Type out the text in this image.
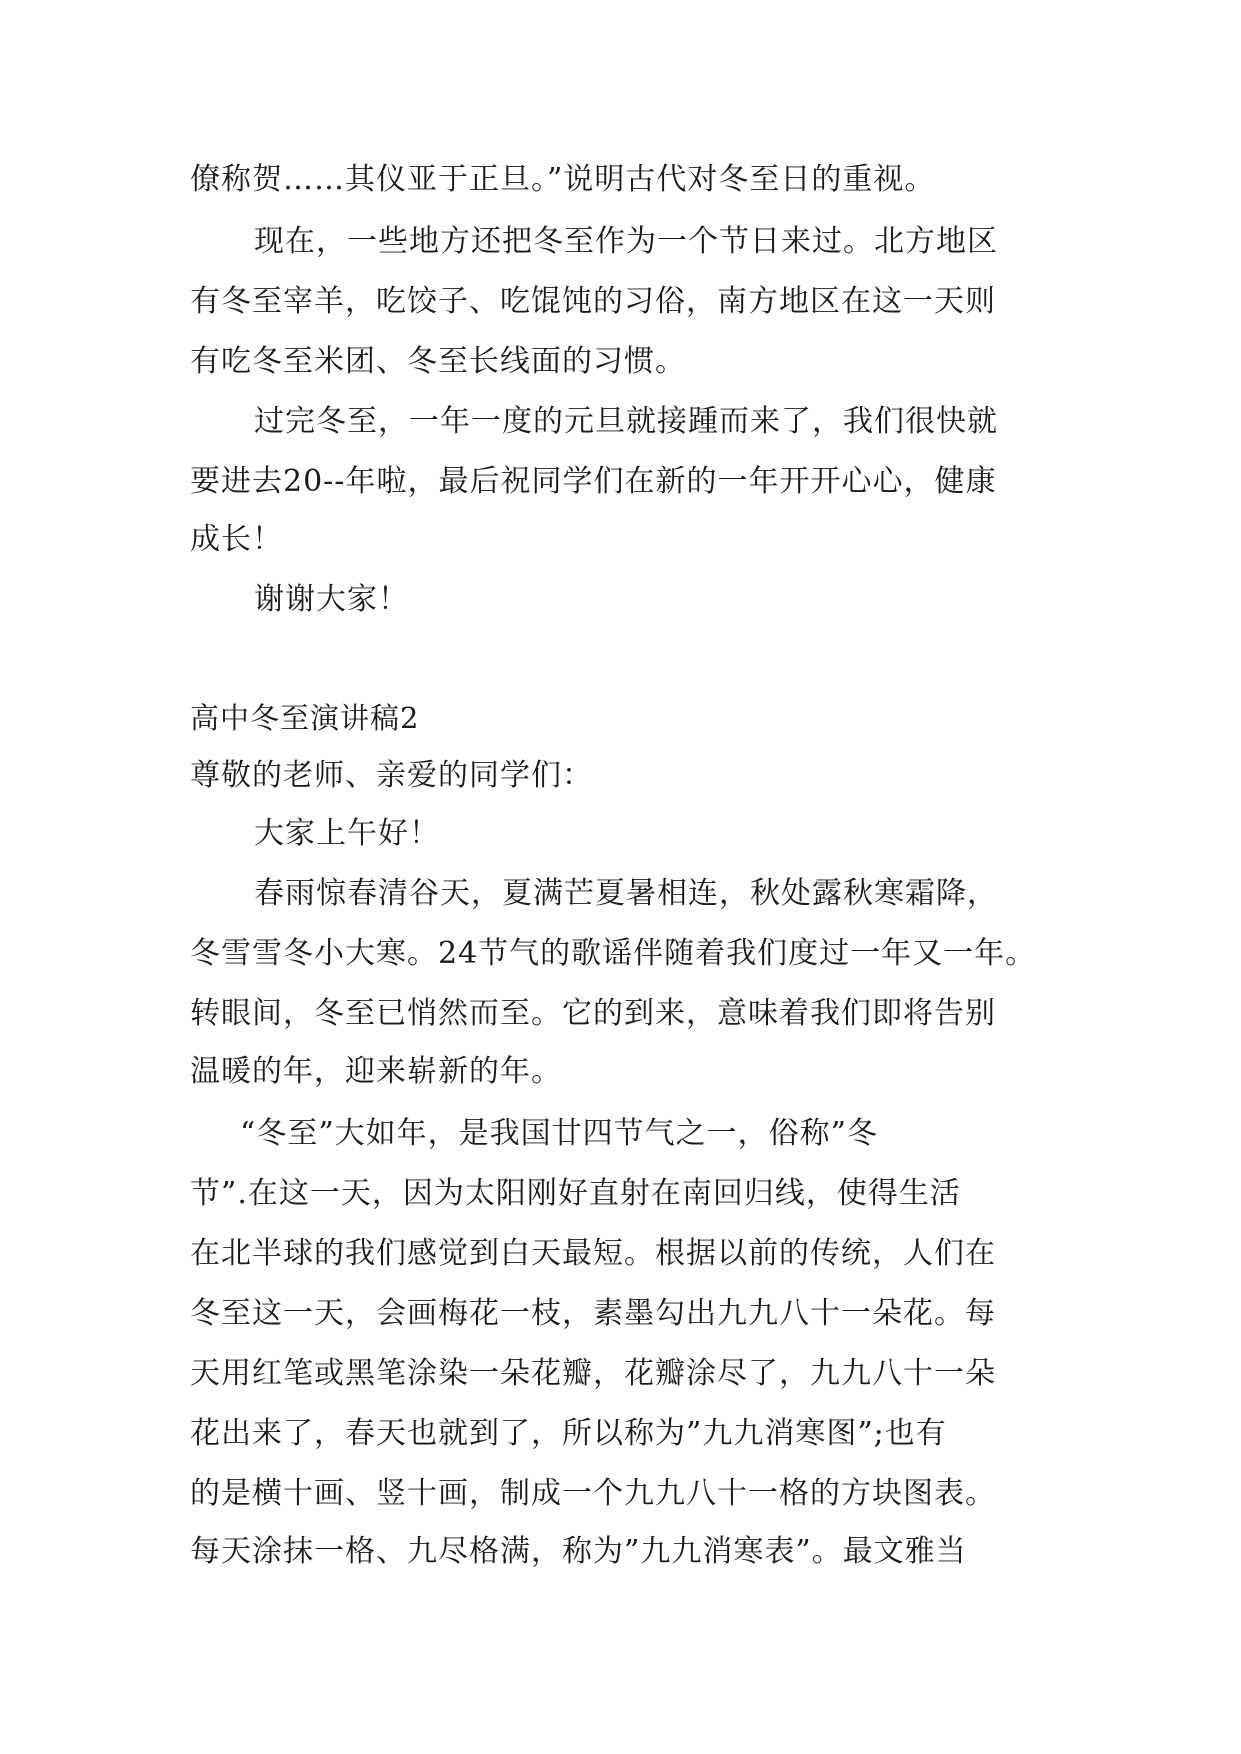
僚称贺……其仪亚于正旦。”说明古代对冬至日的重视。
现在，一些地方还把冬至作为一个节日来过。北方地区
有冬至宰羊，吃饺子、吃馄饨的习俗，南方地区在这一天则
有吃冬至米团、冬至长线面的习惯。
过完冬至，一年一度的元旦就接踵而来了，我们很快就
要进去20--年啦，最后祝同学们在新的一年开开心心，健康
成长！
谢谢大家！
高中冬至演讲稿2
尊敬的老师、亲爱的同学们：
大家上午好！
春雨惊春清谷天，夏满芒夏暑相连，秋处露秋寒霜降，
冬雪雪冬小大寒。24节气的歌谣伴随着我们度过一年又一年。
转眼间，冬至已悄然而至。它的到来，意味着我们即将告别
温暖的年，迎来崭新的年。
“冬至”大如年，是我国廿四节气之一，俗称”冬
节”.在这一天，因为太阳刚好直射在南回归线，使得生活
在北半球的我们感觉到白天最短。根据以前的传统，人们在
冬至这一天，会画梅花一枝，素墨勾出九九八十一朵花。每
天用红笔或黑笔涂染一朵花瓣，花瓣涂尽了，九九八十一朵
花出来了，春天也就到了，所以称为”九九消寒图”;也有
的是横十画、竖十画，制成一个九九八十一格的方块图表。
每天涂抹一格、九尽格满，称为”九九消寒表”。最文雅当
